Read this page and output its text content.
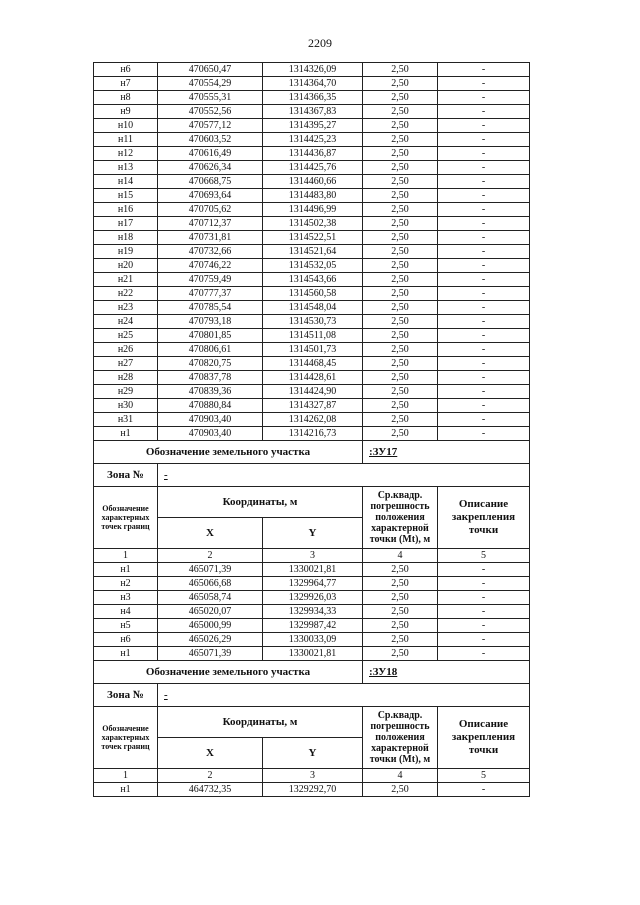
2209
н6	470650,47	1314326,09	2,50	-
н7	470554,29	1314364,70	2,50	-
н8	470555,31	1314366,35	2,50	-
н9	470552,56	1314367,83	2,50	-
н10	470577,12	1314395,27	2,50	-
н11	470603,52	1314425,23	2,50	-
н12	470616,49	1314436,87	2,50	-
н13	470626,34	1314425,76	2,50	-
н14	470668,75	1314460,66	2,50	-
н15	470693,64	1314483,80	2,50	-
н16	470705,62	1314496,99	2,50	-
н17	470712,37	1314502,38	2,50	-
н18	470731,81	1314522,51	2,50	-
н19	470732,66	1314521,64	2,50	-
н20	470746,22	1314532,05	2,50	-
н21	470759,49	1314543,66	2,50	-
н22	470777,37	1314560,58	2,50	-
н23	470785,54	1314548,04	2,50	-
н24	470793,18	1314530,73	2,50	-
н25	470801,85	1314511,08	2,50	-
н26	470806,61	1314501,73	2,50	-
н27	470820,75	1314468,45	2,50	-
н28	470837,78	1314428,61	2,50	-
н29	470839,36	1314424,90	2,50	-
н30	470880,84	1314327,87	2,50	-
н31	470903,40	1314262,08	2,50	-
н1	470903,40	1314216,73	2,50	-
Обозначение земельного участка			:ЗУ17	
Зона №	-			
Обозначение характерных точек границ	Координаты, м		Ср.квадр. погрешность положения характерной точки (Мt), м	Описание закрепления точки
	X	Y		
1	2	3	4	5
н1	465071,39	1330021,81	2,50	-
н2	465066,68	1329964,77	2,50	-
н3	465058,74	1329926,03	2,50	-
н4	465020,07	1329934,33	2,50	-
н5	465000,99	1329987,42	2,50	-
н6	465026,29	1330033,09	2,50	-
н1	465071,39	1330021,81	2,50	-
Обозначение земельного участка			:ЗУ18	
Зона №	-			
Обозначение характерных точек границ	Координаты, м		Ср.квадр. погрешность положения характерной точки (Мt), м	Описание закрепления точки
	X	Y		
1	2	3	4	5
н1	464732,35	1329292,70	2,50	-
